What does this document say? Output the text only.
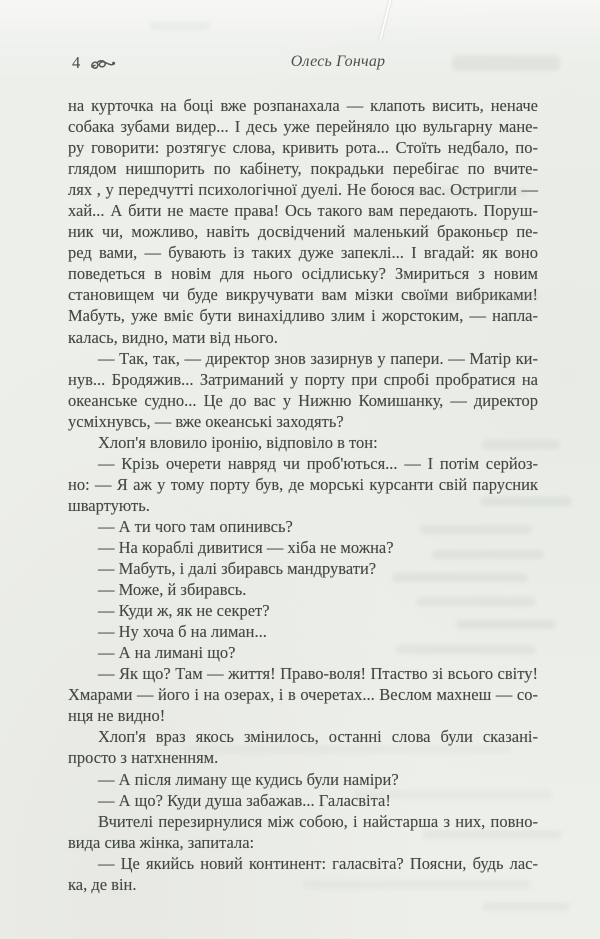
4	Олесь Гончар
на курточка на боці вже розпанахала — клапоть висить, неначе
собака зубами видер... І десь уже перейняло цю вульгарну мане-
ру говорити: розтягує слова, кривить рота... Стоїть недбало, по-
глядом нишпорить по кабінету, покрадьки перебігає по вчите-
лях , у передчутті психологічної дуелі. Не боюся вас. Остригли —
хай... А бити не маєте права! Ось такого вам передають. Поруш-
ник чи, можливо, навіть досвідчений маленький браконьєр пе-
ред вами, — бувають із таких дуже запеклі... І вгадай: як воно
поведеться в новім для нього осідлиську? Змириться з новим
становищем чи буде викручувати вам мізки своїми вибриками!
Мабуть, уже вміє бути винахідливо злим і жорстоким, — напла-
калась, видно, мати від нього.
— Так, так, — директор знов зазирнув у папери. — Матір ки-
нув... Бродяжив... Затриманий у порту при спробі пробратися на
океанське судно... Це до вас у Нижню Комишанку, — директор
усміхнувсь, — вже океанські заходять?
Хлоп'я вловило іронію, відповіло в тон:
— Крізь очерети навряд чи проб'ються... — І потім серйоз-
но: — Я аж у тому порту був, де морські курсанти свій парусник
швартують.
— А ти чого там опинивсь?
— На кораблі дивитися — хіба не можна?
— Мабуть, і далі збиравсь мандрувати?
— Може, й збиравсь.
— Куди ж, як не секрет?
— Ну хоча б на лиман...
— А на лимані що?
— Як що? Там — життя! Право-воля! Птаство зі всього світу!
Хмарами — його і на озерах, і в очеретах... Веслом махнеш — со-
нця не видно!
Хлоп'я враз якось змінилось, останні слова були сказані-
просто з натхненням.
— А після лиману ще кудись були наміри?
— А що? Куди душа забажав... Галасвіта!
Вчителі перезирнулися між собою, і найстарша з них, повно-
вида сива жінка, запитала:
— Це якийсь новий континент: галасвіта? Поясни, будь лас-
ка, де він.
